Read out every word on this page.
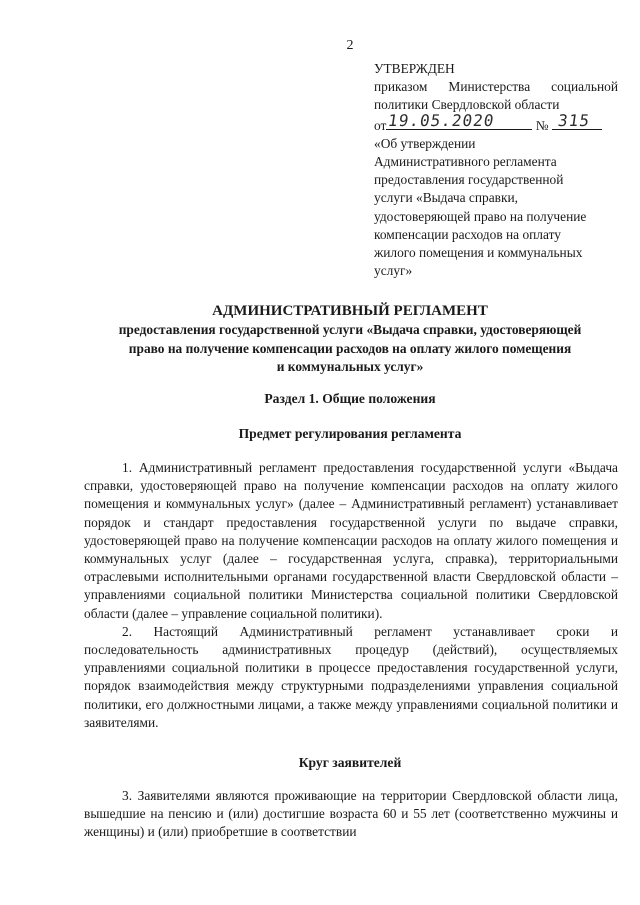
2
УТВЕРЖДЕН
приказом Министерства социальной
политики Свердловской области
от 19.05.2020	№ 315
«Об утверждении
Административного регламента
предоставления государственной
услуги «Выдача справки,
удостоверяющей право на получение
компенсации расходов на оплату
жилого помещения и коммунальных
услуг»
АДМИНИСТРАТИВНЫЙ РЕГЛАМЕНТ
предоставления государственной услуги «Выдача справки, удостоверяющей
право на получение компенсации расходов на оплату жилого помещения
и коммунальных услуг»
Раздел 1. Общие положения
Предмет регулирования регламента

1. Административный регламент предоставления государственной услуги «Выдача справки, удостоверяющей право на получение компенсации расходов на оплату жилого помещения и коммунальных услуг» (далее – Административный регламент) устанавливает порядок и стандарт предоставления государственной услуги по выдаче справки, удостоверяющей право на получение компенсации расходов на оплату жилого помещения и коммунальных услуг (далее – государственная услуга, справка), территориальными отраслевыми исполнительными органами государственной власти Свердловской области – управлениями социальной политики Министерства социальной политики Свердловской области (далее – управление социальной политики).

2. Настоящий Административный регламент устанавливает сроки и последовательность административных процедур (действий), осуществляемых управлениями социальной политики в процессе предоставления государственной услуги, порядок взаимодействия между структурными подразделениями управления социальной политики, его должностными лицами, а также между управлениями социальной политики и заявителями.

Круг заявителей

3. Заявителями являются проживающие на территории Свердловской области лица, вышедшие на пенсию и (или) достигшие возраста 60 и 55 лет (соответственно мужчины и женщины) и (или) приобретшие в соответствии
